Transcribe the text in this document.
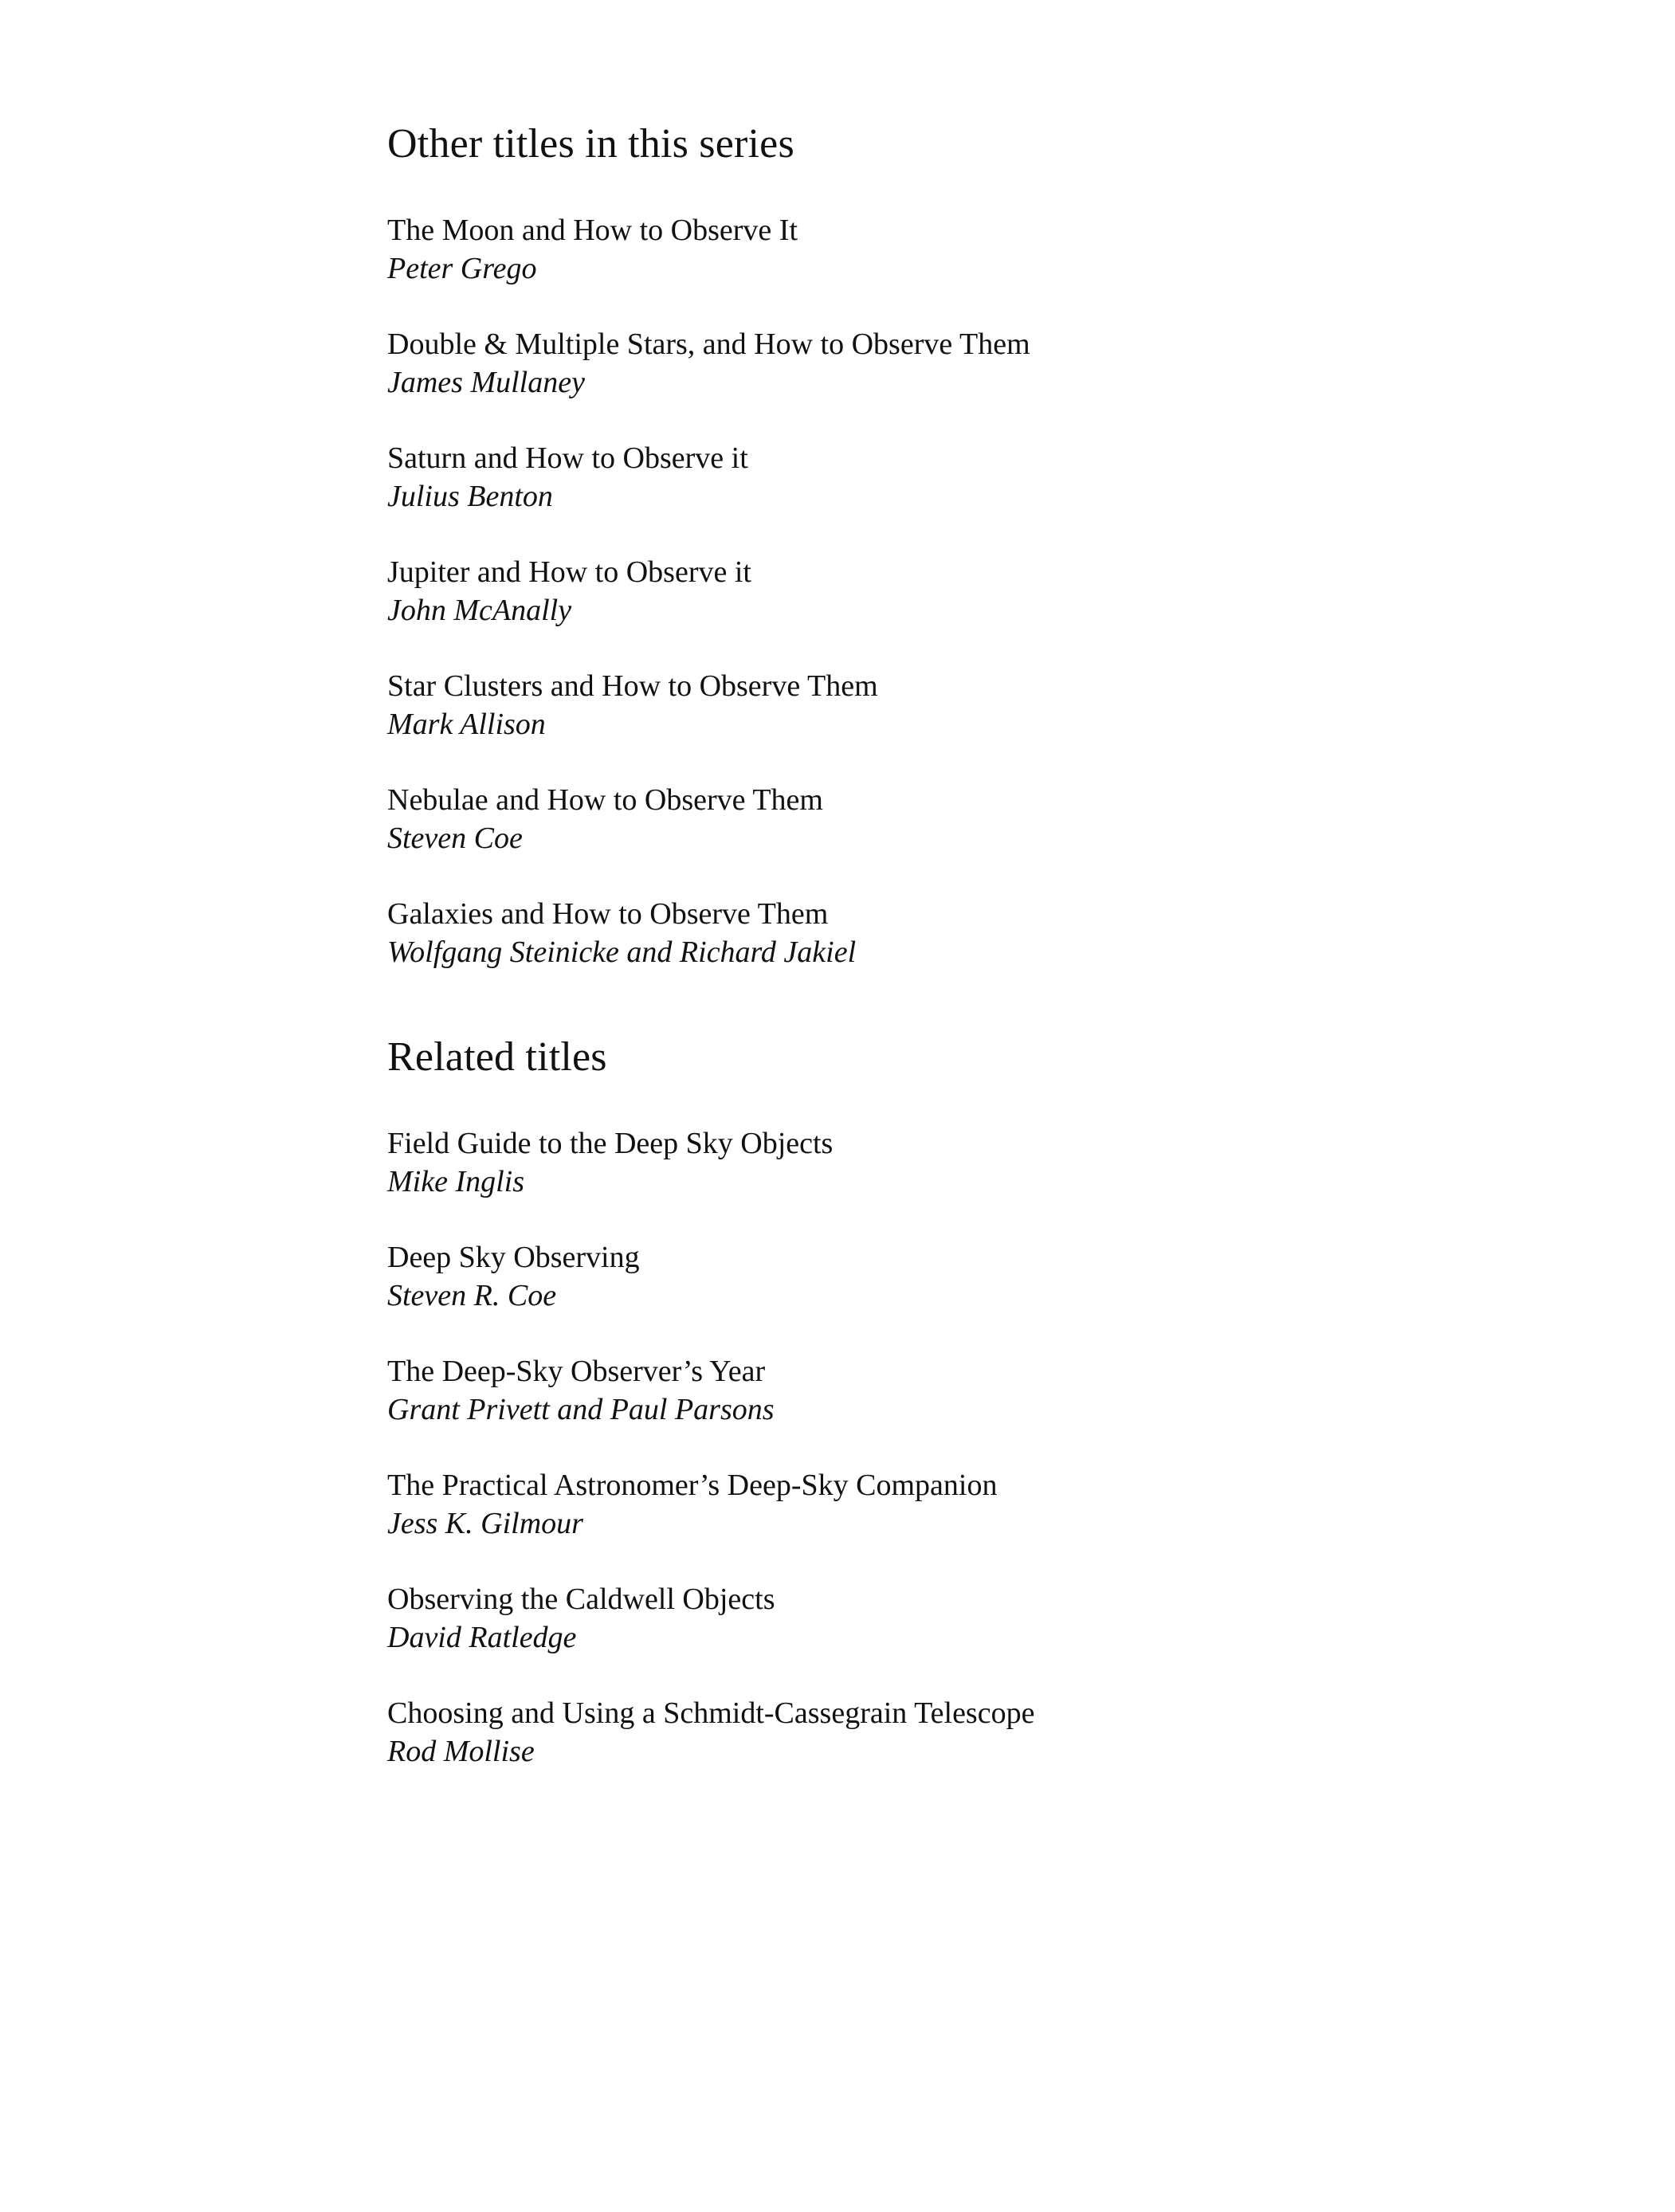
Other titles in this series
The Moon and How to Observe It
Peter Grego
Double & Multiple Stars, and How to Observe Them
James Mullaney
Saturn and How to Observe it
Julius Benton
Jupiter and How to Observe it
John McAnally
Star Clusters and How to Observe Them
Mark Allison
Nebulae and How to Observe Them
Steven Coe
Galaxies and How to Observe Them
Wolfgang Steinicke and Richard Jakiel
Related titles
Field Guide to the Deep Sky Objects
Mike Inglis
Deep Sky Observing
Steven R. Coe
The Deep-Sky Observer’s Year
Grant Privett and Paul Parsons
The Practical Astronomer’s Deep-Sky Companion
Jess K. Gilmour
Observing the Caldwell Objects
David Ratledge
Choosing and Using a Schmidt-Cassegrain Telescope
Rod Mollise
